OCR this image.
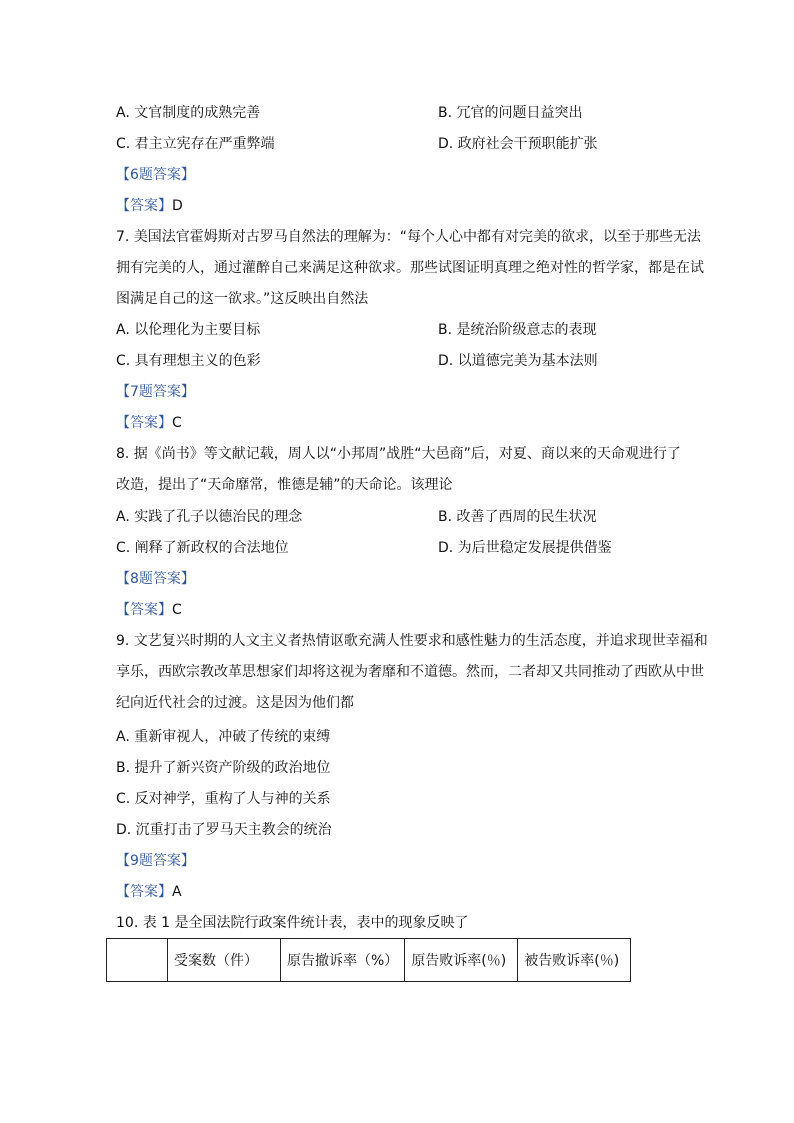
A. 文官制度的成熟完善	B. 冗官的问题日益突出
C. 君主立宪存在严重弊端	D. 政府社会干预职能扩张
【6题答案】
【答案】D
7. 美国法官霍姆斯对古罗马自然法的理解为：“每个人心中都有对完美的欲求，以至于那些无法
拥有完美的人，通过灌醉自己来满足这种欲求。那些试图证明真理之绝对性的哲学家，都是在试
图满足自己的这一欲求。”这反映出自然法
A. 以伦理化为主要目标	B. 是统治阶级意志的表现
C. 具有理想主义的色彩	D. 以道德完美为基本法则
【7题答案】
【答案】C
8. 据《尚书》等文献记载，周人以“小邦周”战胜“大邑商”后，对夏、商以来的天命观进行了
改造，提出了“天命靡常，惟德是辅”的天命论。该理论
A. 实践了孔子以德治民的理念	B. 改善了西周的民生状况
C. 阐释了新政权的合法地位	D. 为后世稳定发展提供借鉴
【8题答案】
【答案】C
9. 文艺复兴时期的人文主义者热情讴歌充满人性要求和感性魅力的生活态度，并追求现世幸福和
享乐，西欧宗教改革思想家们却将这视为奢靡和不道德。然而，二者却又共同推动了西欧从中世
纪向近代社会的过渡。这是因为他们都
A. 重新审视人，冲破了传统的束缚
B. 提升了新兴资产阶级的政治地位
C. 反对神学，重构了人与神的关系
D. 沉重打击了罗马天主教会的统治
【9题答案】
【答案】A
10. 表 1 是全国法院行政案件统计表，表中的现象反映了
	受案数（件）	原告撤诉率（%）	原告败诉率(％)	被告败诉率(％)
